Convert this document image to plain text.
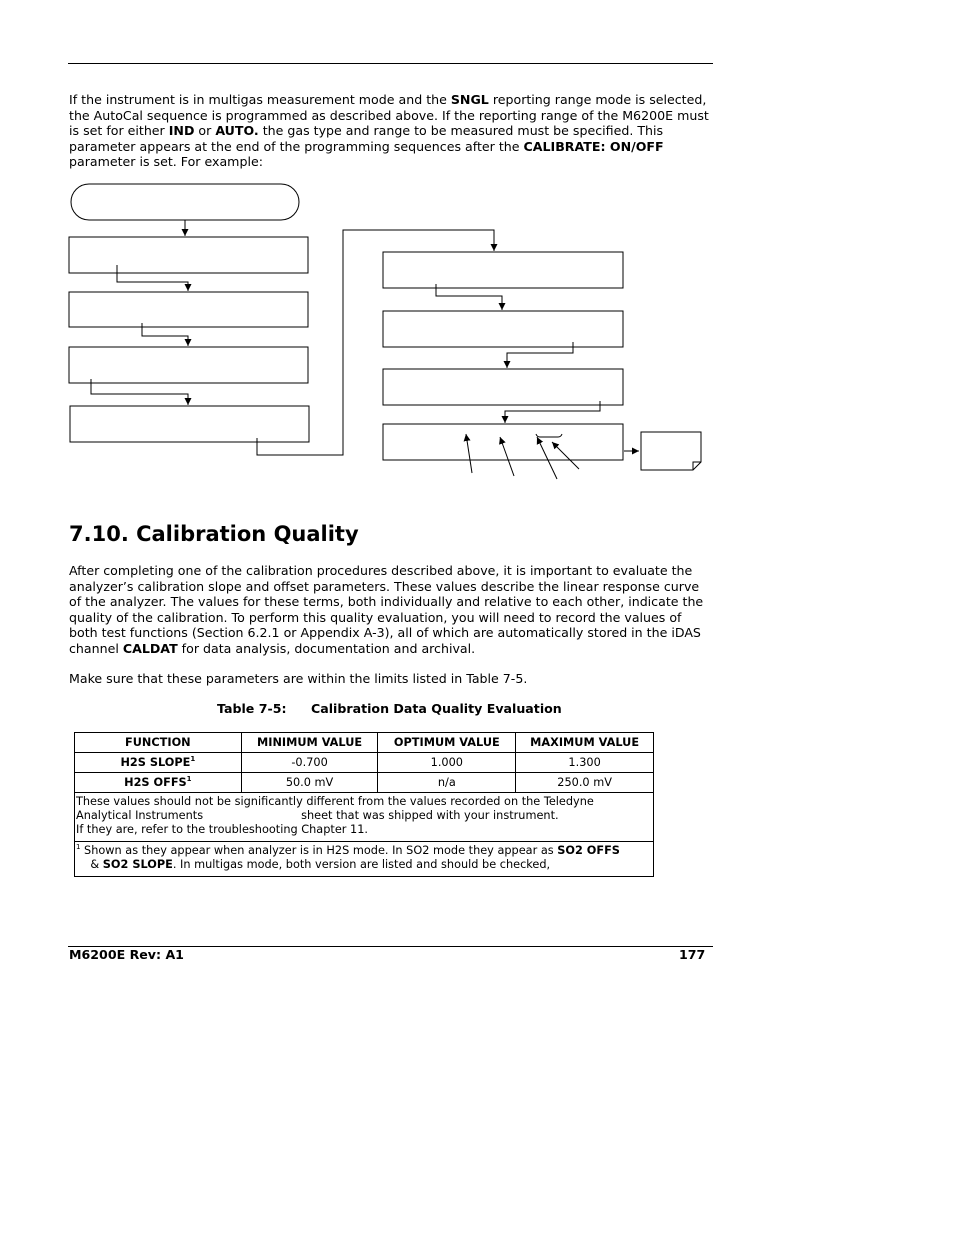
If the instrument is in multigas measurement mode and the SNGL reporting range mode is selected, the AutoCal sequence is programmed as described above. If the reporting range of the M6200E must is set for either IND or AUTO. the gas type and range to be measured must be specified. This parameter appears at the end of the programming sequences after the CALIBRATE: ON/OFF parameter is set. For example:

7.10. Calibration Quality

After completing one of the calibration procedures described above, it is important to evaluate the analyzer’s calibration slope and offset parameters. These values describe the linear response curve of the analyzer. The values for these terms, both individually and relative to each other, indicate the quality of the calibration. To perform this quality evaluation, you will need to record the values of both test functions (Section 6.2.1 or Appendix A-3), all of which are automatically stored in the iDAS channel CALDAT for data analysis, documentation and archival.

Make sure that these parameters are within the limits listed in Table 7-5.

Table 7-5: Calibration Data Quality Evaluation
FUNCTION	MINIMUM VALUE	OPTIMUM VALUE	MAXIMUM VALUE
H2S SLOPE$^1$	-0.700	1.000	1.300
H2S OFFS$^1$	50.0 mV	n/a	250.0 mV
These values should not be significantly different from the values recorded on the Teledyne
Analytical Instruments sheet that was shipped with your instrument.
If they are, refer to the troubleshooting Chapter 11.			
$^1$ Shown as they appear when analyzer is in H2S mode. In SO2 mode they appear as SO2 OFFS
& SO2 SLOPE. In multigas mode, both version are listed and should be checked,			
M6200E Rev: A1	177
